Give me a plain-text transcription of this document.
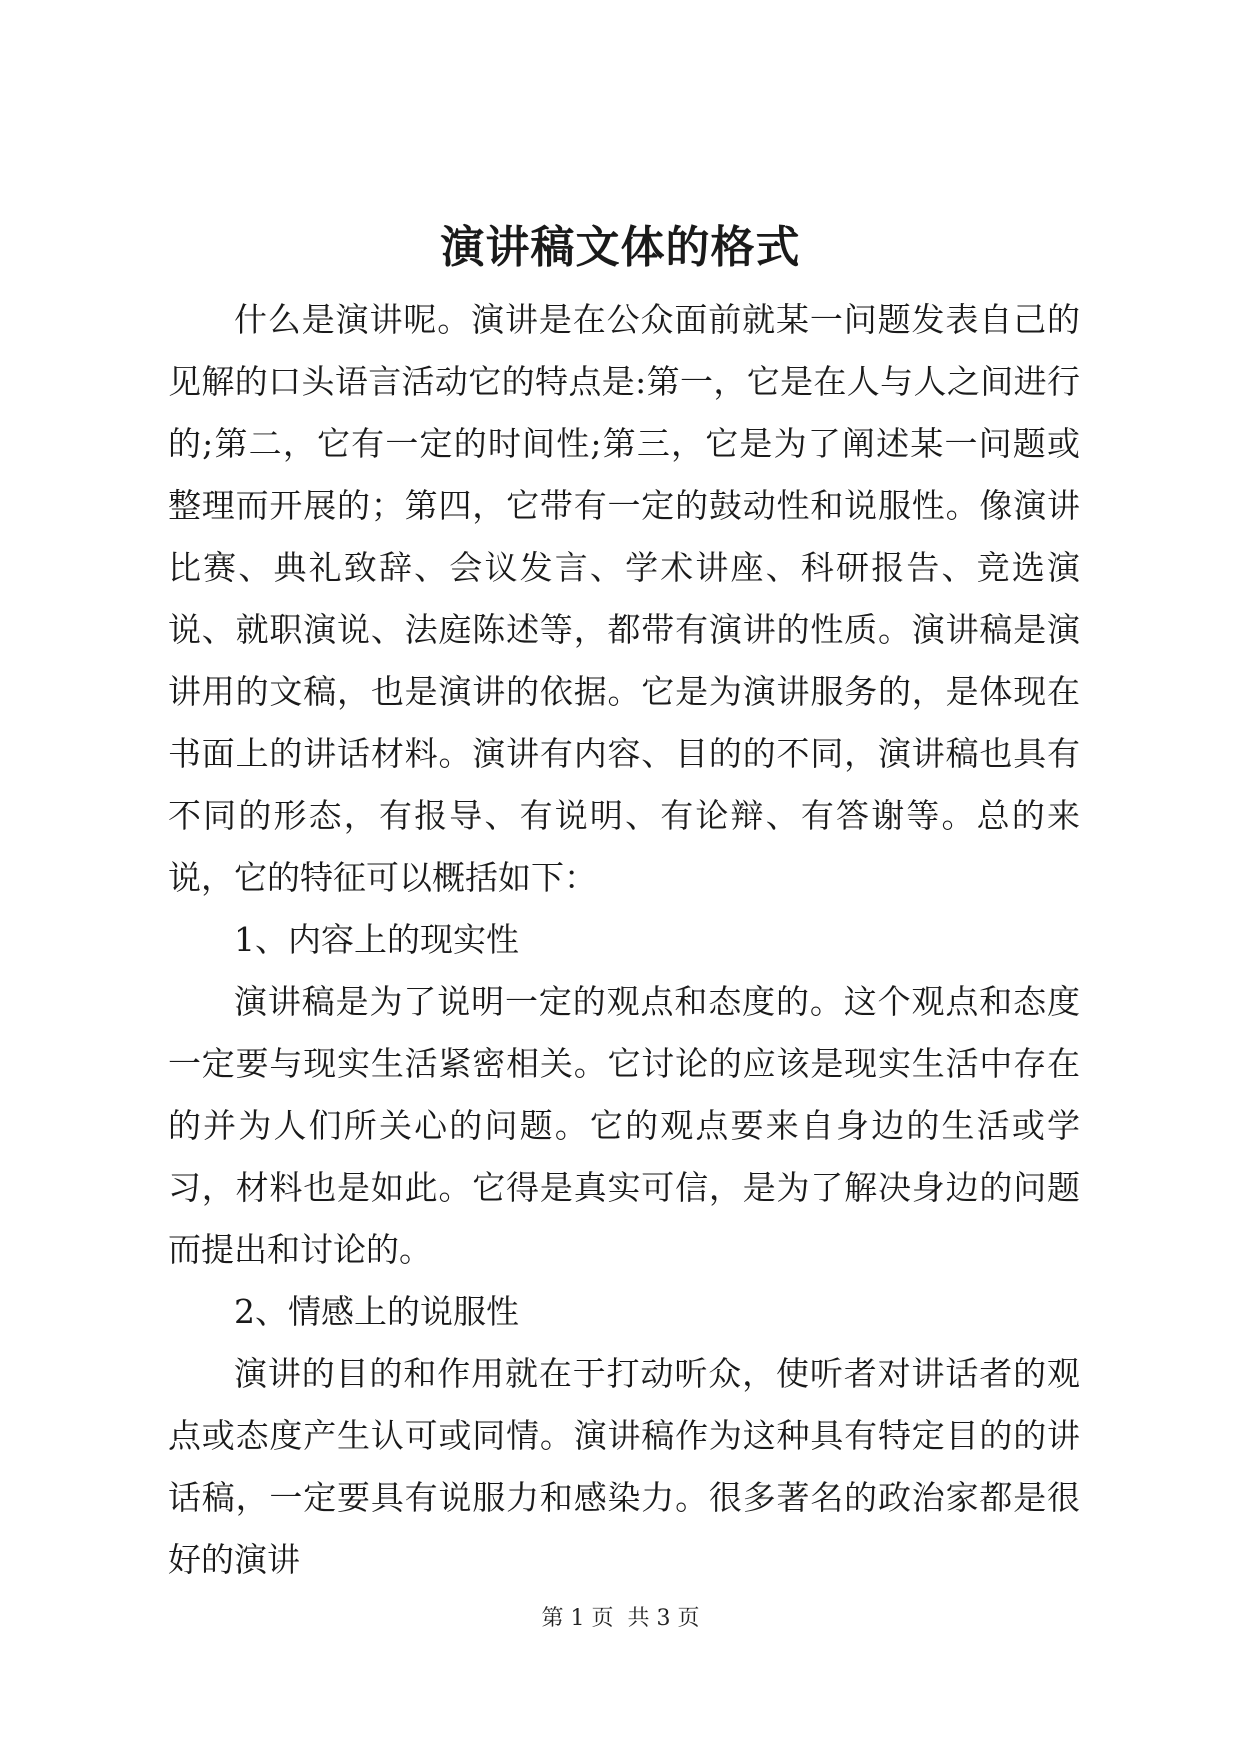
演讲稿文体的格式

什么是演讲呢。演讲是在公众面前就某一问题发表自己的见解的口头语言活动它的特点是:第一，它是在人与人之间进行的;第二，它有一定的时间性;第三，它是为了阐述某一问题或整理而开展的；第四，它带有一定的鼓动性和说服性。像演讲比赛、典礼致辞、会议发言、学术讲座、科研报告、竞选演说、就职演说、法庭陈述等，都带有演讲的性质。演讲稿是演讲用的文稿，也是演讲的依据。它是为演讲服务的，是体现在书面上的讲话材料。演讲有内容、目的的不同，演讲稿也具有不同的形态，有报导、有说明、有论辩、有答谢等。总的来说，它的特征可以概括如下：

1、内容上的现实性

演讲稿是为了说明一定的观点和态度的。这个观点和态度一定要与现实生活紧密相关。它讨论的应该是现实生活中存在的并为人们所关心的问题。它的观点要来自身边的生活或学习，材料也是如此。它得是真实可信，是为了解决身边的问题而提出和讨论的。

2、情感上的说服性

演讲的目的和作用就在于打动听众，使听者对讲话者的观点或态度产生认可或同情。演讲稿作为这种具有特定目的的讲话稿，一定要具有说服力和感染力。很多著名的政治家都是很好的演讲

第 1 页  共 3 页
